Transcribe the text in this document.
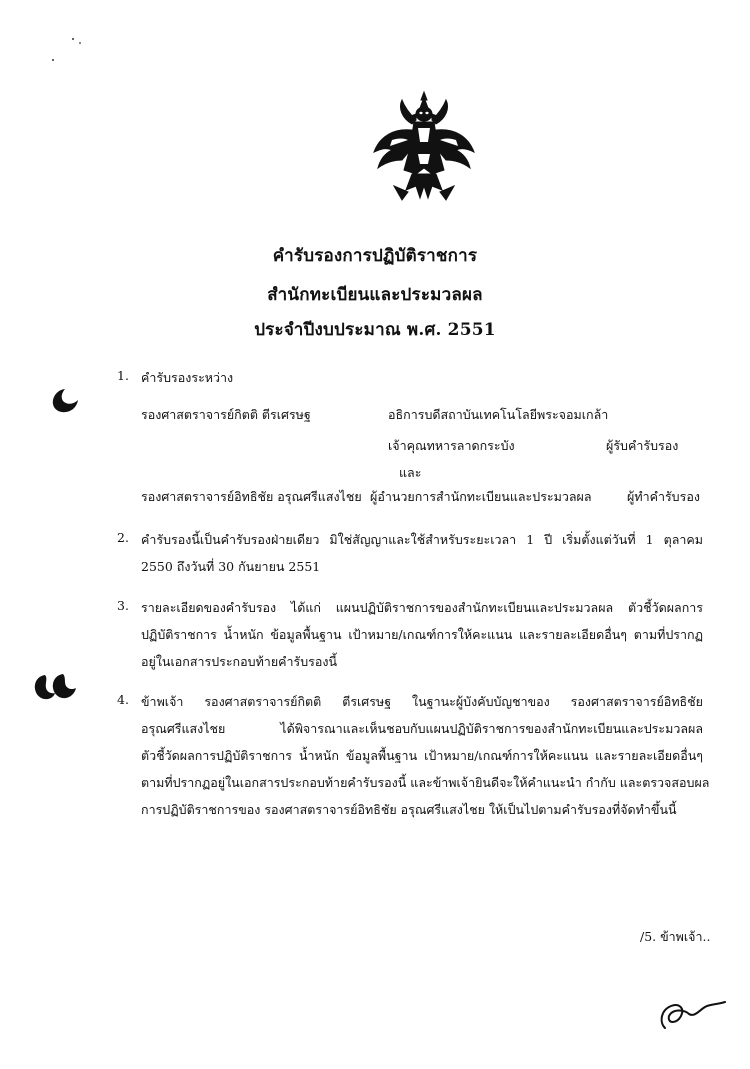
คำรับรองการปฏิบัติราชการ
สำนักทะเบียนและประมวลผล
ประจำปีงบประมาณ พ.ศ. 2551
1. คำรับรองระหว่าง
รองศาสตราจารย์กิตติ ตีรเศรษฐ	อธิการบดีสถาบันเทคโนโลยีพระจอมเกล้า
เจ้าคุณทหารลาดกระบัง	ผู้รับคำรับรอง
และ
รองศาสตราจารย์อิทธิชัย อรุณศรีแสงไชย ผู้อำนวยการสำนักทะเบียนและประมวลผล	ผู้ทำคำรับรอง
2. คำรับรองนี้เป็นคำรับรองฝ่ายเดียว มิใช่สัญญาและใช้สำหรับระยะเวลา 1 ปี เริ่มตั้งแต่วันที่ 1 ตุลาคม
2550 ถึงวันที่ 30 กันยายน 2551
3. รายละเอียดของคำรับรอง ได้แก่ แผนปฏิบัติราชการของสำนักทะเบียนและประมวลผล ตัวชี้วัดผลการ
ปฏิบัติราชการ น้ำหนัก ข้อมูลพื้นฐาน เป้าหมาย/เกณฑ์การให้คะแนน และรายละเอียดอื่นๆ ตามที่ปรากฏ
อยู่ในเอกสารประกอบท้ายคำรับรองนี้
4. ข้าพเจ้า รองศาสตราจารย์กิตติ ตีรเศรษฐ ในฐานะผู้บังคับบัญชาของ รองศาสตราจารย์อิทธิชัย
อรุณศรีแสงไชย ได้พิจารณาและเห็นชอบกับแผนปฏิบัติราชการของสำนักทะเบียนและประมวลผล
ตัวชี้วัดผลการปฏิบัติราชการ น้ำหนัก ข้อมูลพื้นฐาน เป้าหมาย/เกณฑ์การให้คะแนน และรายละเอียดอื่นๆ
ตามที่ปรากฏอยู่ในเอกสารประกอบท้ายคำรับรองนี้ และข้าพเจ้ายินดีจะให้คำแนะนำ กำกับ และตรวจสอบผล
การปฏิบัติราชการของ รองศาสตราจารย์อิทธิชัย อรุณศรีแสงไชย ให้เป็นไปตามคำรับรองที่จัดทำขึ้นนี้
/5. ข้าพเจ้า..
